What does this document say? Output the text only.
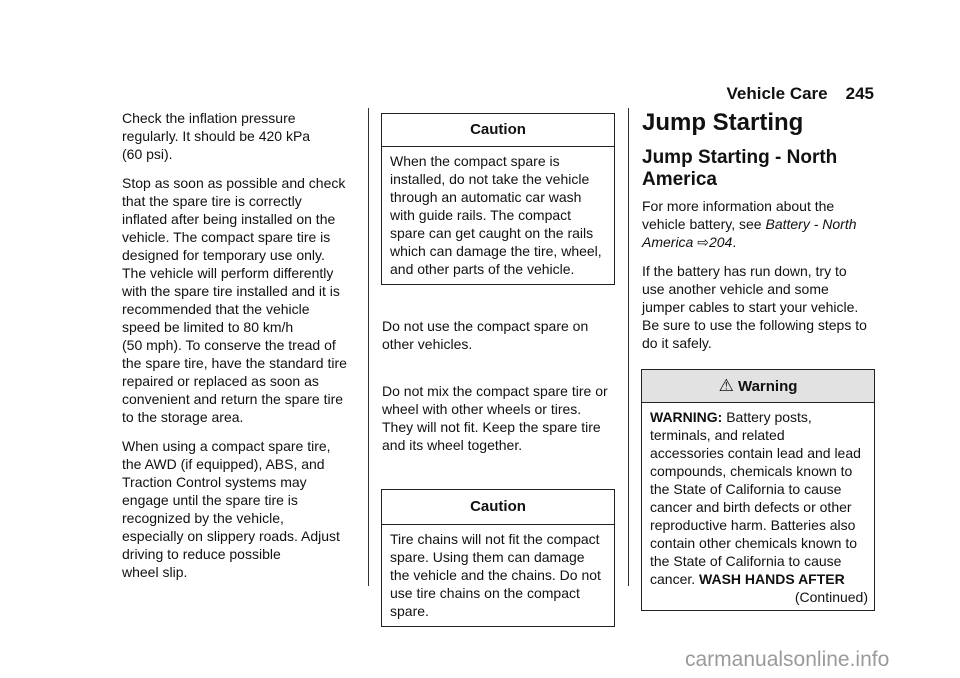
Vehicle Care 245

Check the inflation pressure
regularly. It should be 420 kPa
(60 psi).

Stop as soon as possible and check
that the spare tire is correctly
inflated after being installed on the
vehicle. The compact spare tire is
designed for temporary use only.
The vehicle will perform differently
with the spare tire installed and it is
recommended that the vehicle
speed be limited to 80 km/h
(50 mph). To conserve the tread of
the spare tire, have the standard tire
repaired or replaced as soon as
convenient and return the spare tire
to the storage area.

When using a compact spare tire,
the AWD (if equipped), ABS, and
Traction Control systems may
engage until the spare tire is
recognized by the vehicle,
especially on slippery roads. Adjust
driving to reduce possible
wheel slip.

Caution
When the compact spare is
installed, do not take the vehicle
through an automatic car wash
with guide rails. The compact
spare can get caught on the rails
which can damage the tire, wheel,
and other parts of the vehicle.

Do not use the compact spare on
other vehicles.

Do not mix the compact spare tire or
wheel with other wheels or tires.
They will not fit. Keep the spare tire
and its wheel together.

Caution
Tire chains will not fit the compact
spare. Using them can damage
the vehicle and the chains. Do not
use tire chains on the compact
spare.
Jump Starting
Jump Starting - North
America

For more information about the
vehicle battery, see Battery - North
America ⇨204.

If the battery has run down, try to
use another vehicle and some
jumper cables to start your vehicle.
Be sure to use the following steps to
do it safely.

⚠ Warning
WARNING: Battery posts,
terminals, and related
accessories contain lead and lead
compounds, chemicals known to
the State of California to cause
cancer and birth defects or other
reproductive harm. Batteries also
contain other chemicals known to
the State of California to cause
cancer. WASH HANDS AFTER
(Continued)
carmanualsonline.info
